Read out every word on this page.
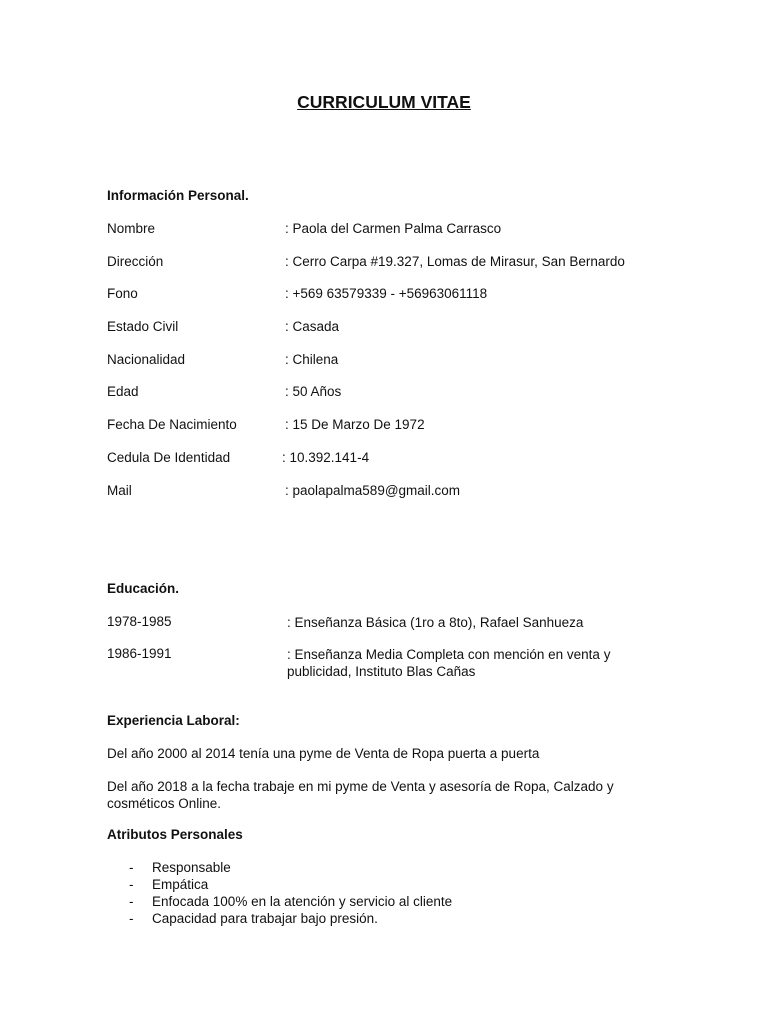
CURRICULUM VITAE
Información Personal.
Nombre	: Paola del Carmen Palma Carrasco
Dirección	: Cerro Carpa #19.327, Lomas de Mirasur, San Bernardo
Fono	: +569 63579339 - +56963061118
Estado Civil	: Casada
Nacionalidad	: Chilena
Edad	: 50 Años
Fecha De Nacimiento	: 15 De Marzo De 1972
Cedula De Identidad	: 10.392.141-4
Mail	: paolapalma589@gmail.com
Educación.
1978-1985	: Enseñanza Básica (1ro a 8to), Rafael Sanhueza
1986-1991	: Enseñanza Media Completa con mención en venta y publicidad, Instituto Blas Cañas
Experiencia Laboral:
Del año 2000 al 2014 tenía una pyme de Venta de Ropa puerta a puerta
Del año 2018 a la fecha trabaje en mi pyme de Venta y asesoría de Ropa, Calzado y cosméticos Online.
Atributos Personales
- Responsable
- Empática
- Enfocada 100% en la atención y servicio al cliente
- Capacidad para trabajar bajo presión.
